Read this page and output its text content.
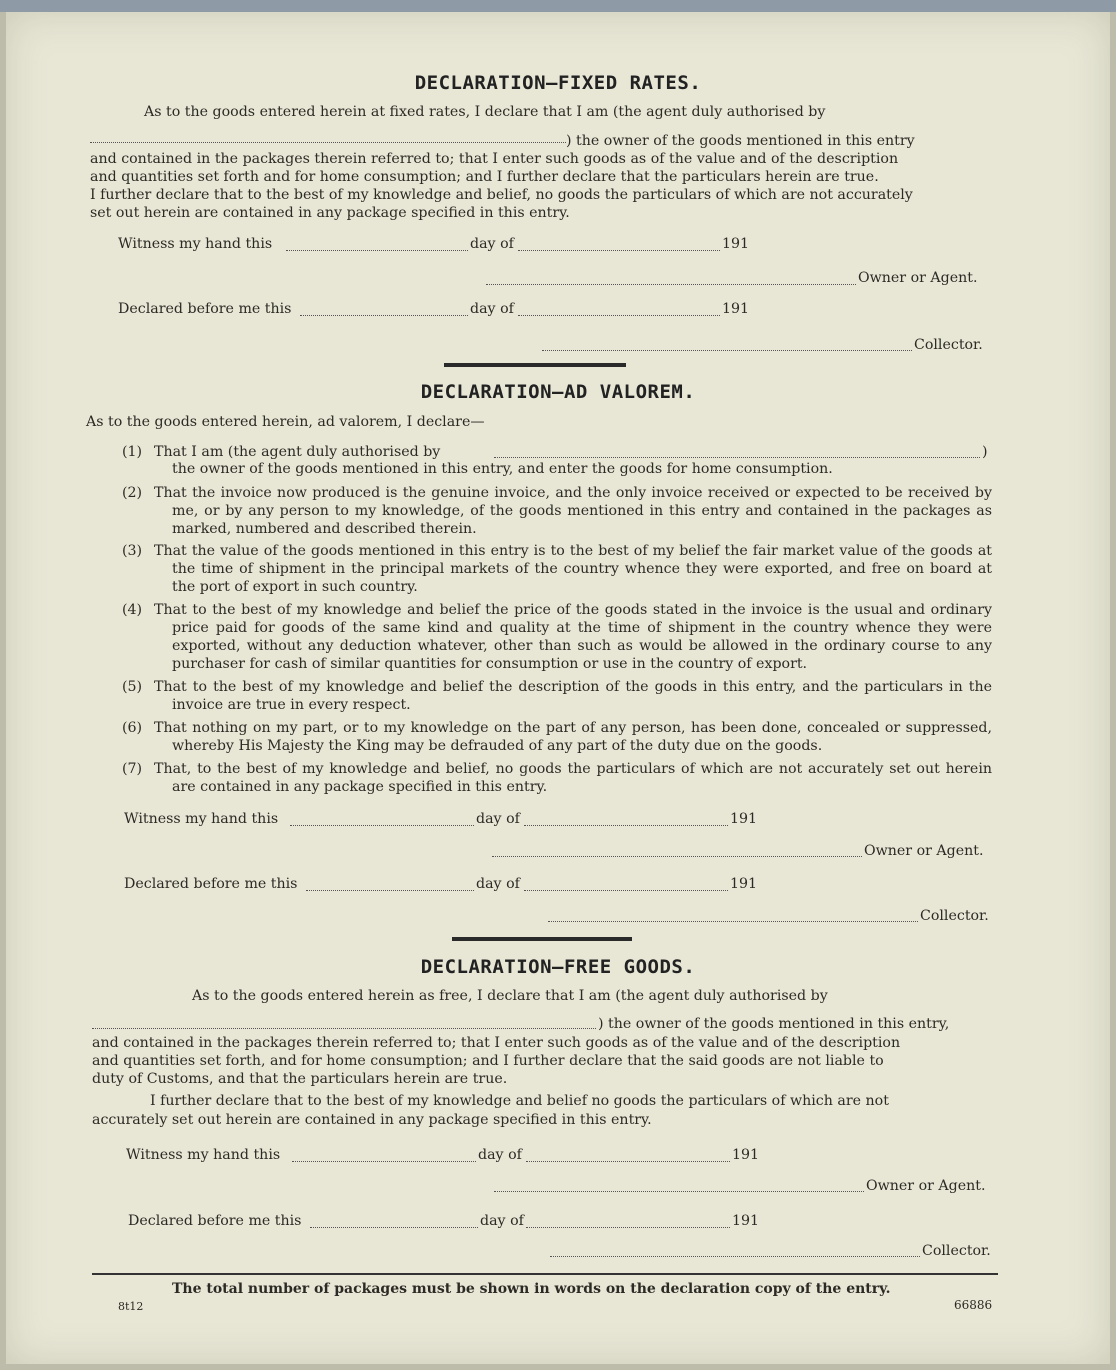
DECLARATION—FIXED RATES.
As to the goods entered herein at fixed rates, I declare that I am (the agent duly authorised by
) the owner of the goods mentioned in this entry
and contained in the packages therein referred to; that I enter such goods as of the value and of the description
and quantities set forth and for home consumption; and I further declare that the particulars herein are true.
I further declare that to the best of my knowledge and belief, no goods the particulars of which are not accurately
set out herein are contained in any package specified in this entry.
Witness my hand this	day of	191
Owner or Agent.
Declared before me this	day of	191
Collector.
DECLARATION—AD VALOREM.
As to the goods entered herein, ad valorem, I declare—
(1) That I am (the agent duly authorised by	)
the owner of the goods mentioned in this entry, and enter the goods for home consumption.
(2) That the invoice now produced is the genuine invoice, and the only invoice received or expected to be received by me, or by any person to my knowledge, of the goods mentioned in this entry and contained in the packages as marked, numbered and described therein.
(3) That the value of the goods mentioned in this entry is to the best of my belief the fair market value of the goods at the time of shipment in the principal markets of the country whence they were exported, and free on board at the port of export in such country.
(4) That to the best of my knowledge and belief the price of the goods stated in the invoice is the usual and ordinary price paid for goods of the same kind and quality at the time of shipment in the country whence they were exported, without any deduction whatever, other than such as would be allowed in the ordinary course to any purchaser for cash of similar quantities for consumption or use in the country of export.
(5) That to the best of my knowledge and belief the description of the goods in this entry, and the particulars in the invoice are true in every respect.
(6) That nothing on my part, or to my knowledge on the part of any person, has been done, concealed or suppressed, whereby His Majesty the King may be defrauded of any part of the duty due on the goods.
(7) That, to the best of my knowledge and belief, no goods the particulars of which are not accurately set out herein are contained in any package specified in this entry.
Witness my hand this	day of	191
Owner or Agent.
Declared before me this	day of	191
Collector.
DECLARATION—FREE GOODS.
As to the goods entered herein as free, I declare that I am (the agent duly authorised by
) the owner of the goods mentioned in this entry,
and contained in the packages therein referred to; that I enter such goods as of the value and of the description
and quantities set forth, and for home consumption; and I further declare that the said goods are not liable to
duty of Customs, and that the particulars herein are true.
I further declare that to the best of my knowledge and belief no goods the particulars of which are not
accurately set out herein are contained in any package specified in this entry.
Witness my hand this	day of	191
Owner or Agent.
Declared before me this	day of	191
Collector.
The total number of packages must be shown in words on the declaration copy of the entry.
8t12	66886
